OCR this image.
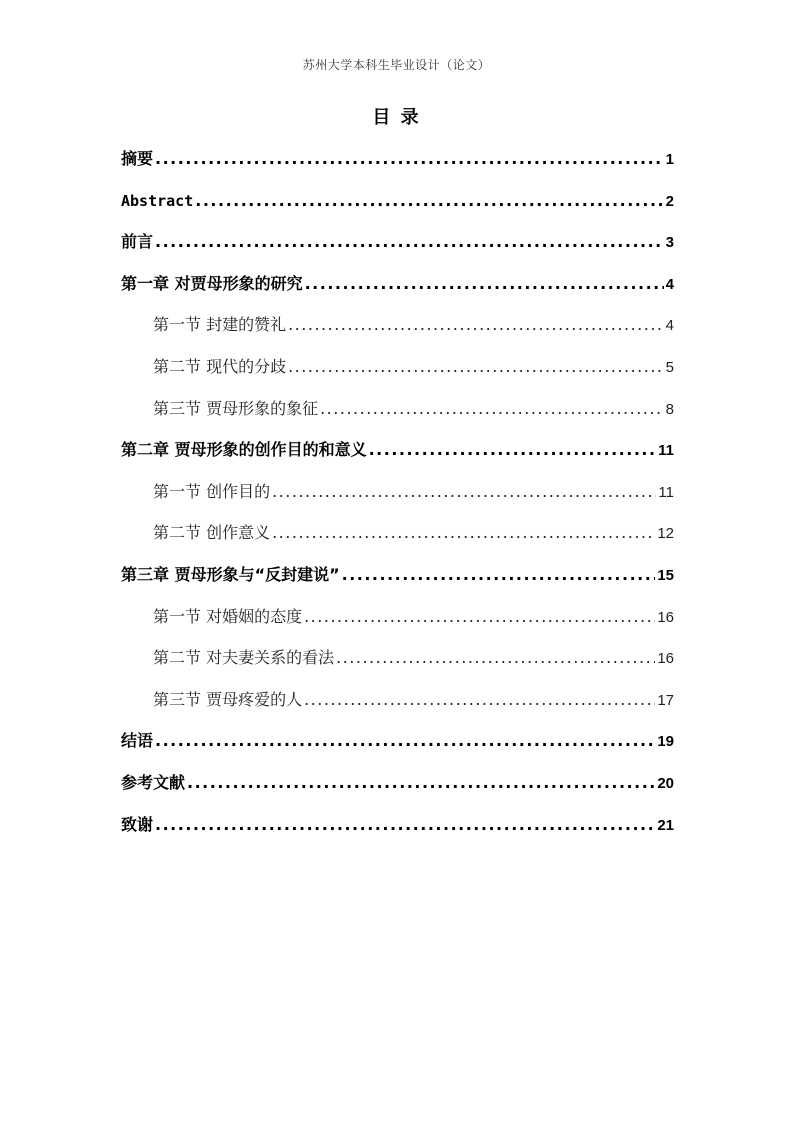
苏州大学本科生毕业设计（论文）
目 录
摘要 .....	1
Abstract .....	2
前言 .....	3
第一章 对贾母形象的研究 .....	4
第一节 封建的赞礼 .....	4
第二节 现代的分歧 .....	5
第三节 贾母形象的象征 .....	8
第二章 贾母形象的创作目的和意义 .....	11
第一节 创作目的 .....	11
第二节 创作意义 .....	12
第三章 贾母形象与“反封建说” .....	15
第一节 对婚姻的态度 .....	16
第二节 对夫妻关系的看法 .....	16
第三节 贾母疼爱的人 .....	17
结语 .....	19
参考文献 .....	20
致谢 .....	21
